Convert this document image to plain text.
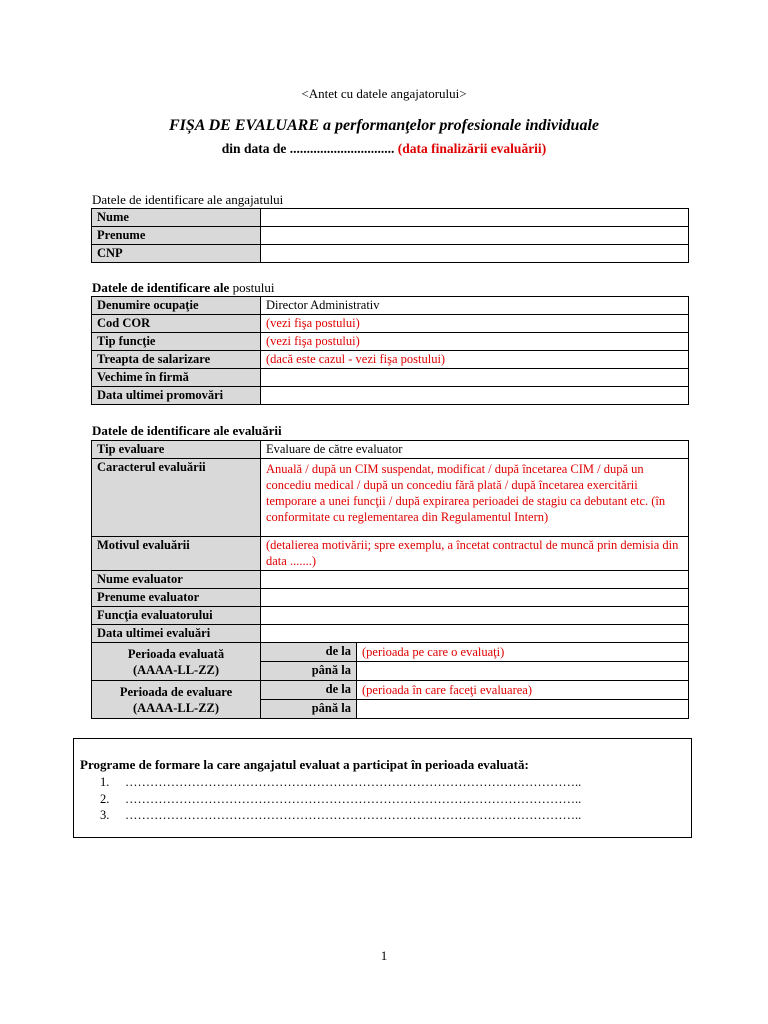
<Antet cu datele angajatorului>
FIȘA DE EVALUARE a performanţelor profesionale individuale
din data de ............................... (data finalizării evaluării)
Datele de identificare ale angajatului
Nume	
Prenume	
CNP	
Datele de identificare ale postului
Denumire ocupaţie	Director Administrativ
Cod COR	(vezi fişa postului)
Tip funcţie	(vezi fişa postului)
Treapta de salarizare	(dacă este cazul - vezi fişa postului)
Vechime în firmă	
Data ultimei promovări	
Datele de identificare ale evaluării
Tip evaluare	Evaluare de către evaluator	
Caracterul evaluării	Anuală / după un CIM suspendat, modificat / după încetarea CIM / după un concediu medical / după un concediu fără plată / după încetarea exercitării temporare a unei funcţii / după expirarea perioadei de stagiu ca debutant etc. (în conformitate cu reglementarea din Regulamentul Intern)	
Motivul evaluării	(detalierea motivării; spre exemplu, a încetat contractul de muncă prin demisia din data .......)	
Nume evaluator		
Prenume evaluator		
Funcţia evaluatorului		
Data ultimei evaluări		

Perioada evaluată
(AAAA-LL-ZZ)	de la	(perioada pe care o evaluaţi)

	până la	

Perioada de evaluare
(AAAA-LL-ZZ)	de la	(perioada în care faceţi evaluarea)

	până la	
Programe de formare la care angajatul evaluat a participat în perioada evaluată:
1.     ………………………………………………………………………………………………..
2.     ………………………………………………………………………………………………..
3.     ………………………………………………………………………………………………..
1
